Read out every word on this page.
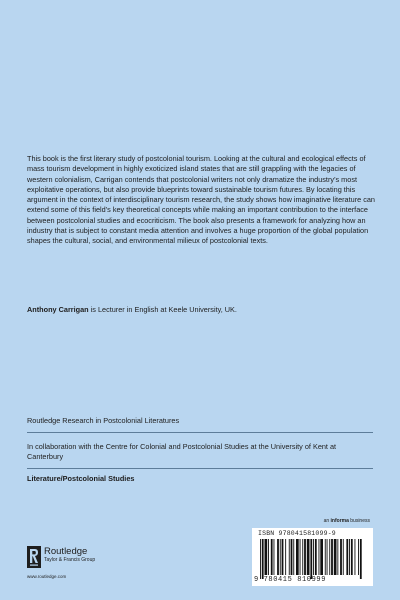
This book is the first literary study of postcolonial tourism. Looking at the cultural and ecological effects of mass tourism development in highly exoticized island states that are still grappling with the legacies of western colonialism, Carrigan contends that postcolonial writers not only dramatize the industry’s most exploitative operations, but also provide blueprints toward sustainable tourism futures. By locating this argument in the context of interdisciplinary tourism research, the study shows how imaginative literature can extend some of this field’s key theoretical concepts while making an important contribution to the interface between postcolonial studies and ecocriticism. The book also presents a framework for analyzing how an industry that is subject to constant media attention and involves a huge proportion of the global population shapes the cultural, social, and environmental milieux of postcolonial texts.
Anthony Carrigan is Lecturer in English at Keele University, UK.
Routledge Research in Postcolonial Literatures
In collaboration with the Centre for Colonial and Postcolonial Studies at the University of Kent at Canterbury
Literature/Postcolonial Studies
an informa business
Routledge
Taylor & Francis Group
www.routledge.com
ISBN 978041581099-9
9 780415 810999
